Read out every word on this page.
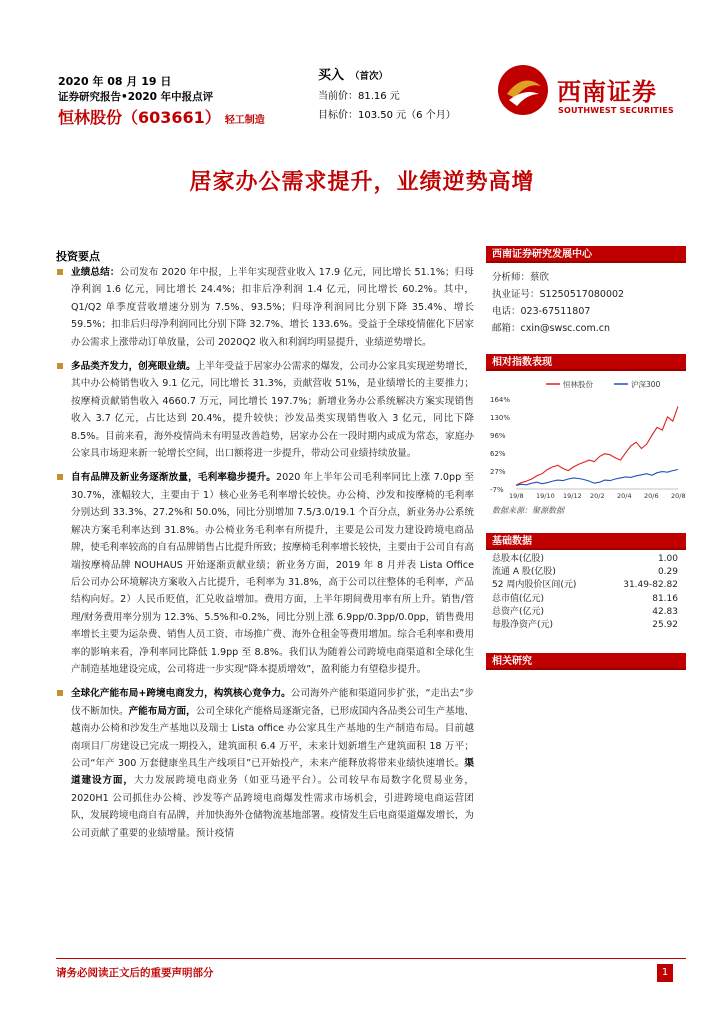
2020 年 08 月 19 日
证券研究报告•2020 年中报点评
恒林股份（603661） 轻工制造
买入 （首次）
当前价：81.16 元
目标价：103.50 元（6 个月）
西南证券
SOUTHWEST SECURITIES
居家办公需求提升，业绩逆势高增
投资要点
业绩总结：公司发布 2020 年中报，上半年实现营业收入 17.9 亿元，同比增长 51.1%；归母净利润 1.6 亿元，同比增长 24.4%；扣非后净利润 1.4 亿元，同比增长 60.2%。其中，Q1/Q2 单季度营收增速分别为 7.5%、93.5%；归母净利润同比分别下降 35.4%、增长 59.5%；扣非后归母净利润同比分别下降 32.7%、增长 133.6%。受益于全球疫情催化下居家办公需求上涨带动订单放量，公司 2020Q2 收入和利润均明显提升，业绩逆势增长。
多品类齐发力，创亮眼业绩。上半年受益于居家办公需求的爆发，公司办公家具实现逆势增长，其中办公椅销售收入 9.1 亿元，同比增长 31.3%，贡献营收 51%，是业绩增长的主要推力；按摩椅贡献销售收入 4660.7 万元，同比增长 197.7%；新增业务办公系统解决方案实现销售收入 3.7 亿元，占比达到 20.4%，提升较快；沙发品类实现销售收入 3 亿元，同比下降 8.5%。目前来看，海外疫情尚未有明显改善趋势，居家办公在一段时期内或成为常态，家庭办公家具市场迎来新一轮增长空间，出口额将进一步提升，带动公司业绩持续放量。
自有品牌及新业务逐渐放量，毛利率稳步提升。2020 年上半年公司毛利率同比上涨 7.0pp 至 30.7%，涨幅较大，主要由于 1）核心业务毛利率增长较快。办公椅、沙发和按摩椅的毛利率分别达到 33.3%、27.2%和 50.0%，同比分别增加 7.5/3.0/19.1 个百分点，新业务办公系统解决方案毛利率达到 31.8%。办公椅业务毛利率有所提升，主要是公司发力建设跨境电商品牌，使毛利率较高的自有品牌销售占比提升所致；按摩椅毛利率增长较快，主要由于公司自有高端按摩椅品牌 NOUHAUS 开始逐渐贡献业绩；新业务方面，2019 年 8 月并表 Lista Office 后公司办公环境解决方案收入占比提升，毛利率为 31.8%，高于公司以往整体的毛利率，产品结构向好。2）人民币贬值，汇兑收益增加。费用方面，上半年期间费用率有所上升。销售/管理/财务费用率分别为 12.3%、5.5%和-0.2%，同比分别上涨 6.9pp/0.3pp/0.0pp，销售费用率增长主要为运杂费、销售人员工资、市场推广费、海外仓租金等费用增加。综合毛利率和费用率的影响来看，净利率同比降低 1.9pp 至 8.8%。我们认为随着公司跨境电商渠道和全球化生产制造基地建设完成，公司将进一步实现“降本提质增效”，盈利能力有望稳步提升。
全球化产能布局+跨境电商发力，构筑核心竞争力。公司海外产能和渠道同步扩张，“走出去”步伐不断加快。产能布局方面，公司全球化产能格局逐渐完备，已形成国内各品类公司生产基地、越南办公椅和沙发生产基地以及瑞士 Lista office 办公家具生产基地的生产制造布局。目前越南项目厂房建设已完成一期投入，建筑面积 6.4 万平，未来计划新增生产建筑面积 18 万平；公司“年产 300 万套健康坐具生产线项目”已开始投产，未来产能释放将带来业绩快速增长。渠道建设方面，大力发展跨境电商业务（如亚马逊平台）。公司较早布局数字化贸易业务，2020H1 公司抓住办公椅、沙发等产品跨境电商爆发性需求市场机会，引进跨境电商运营团队，发展跨境电商自有品牌，并加快海外仓储物流基地部署。疫情发生后电商渠道爆发增长，为公司贡献了重要的业绩增量。预计疫情
西南证券研究发展中心
分析师：蔡欣
执业证号：S1250517080002
电话：023-67511807
邮箱：cxin@swsc.com.cn
相对指数表现
恒林股份	沪深300
164%
130%
96%
62%
27%
-7%
19/8 19/10 19/12 20/2 20/4 20/6 20/8
数据来源：聚源数据
基础数据
总股本(亿股)	1.00
流通 A 股(亿股)	0.29
52 周内股价区间(元)	31.49-82.82
总市值(亿元)	81.16
总资产(亿元)	42.83
每股净资产(元)	25.92
相关研究
请务必阅读正文后的重要声明部分	1
